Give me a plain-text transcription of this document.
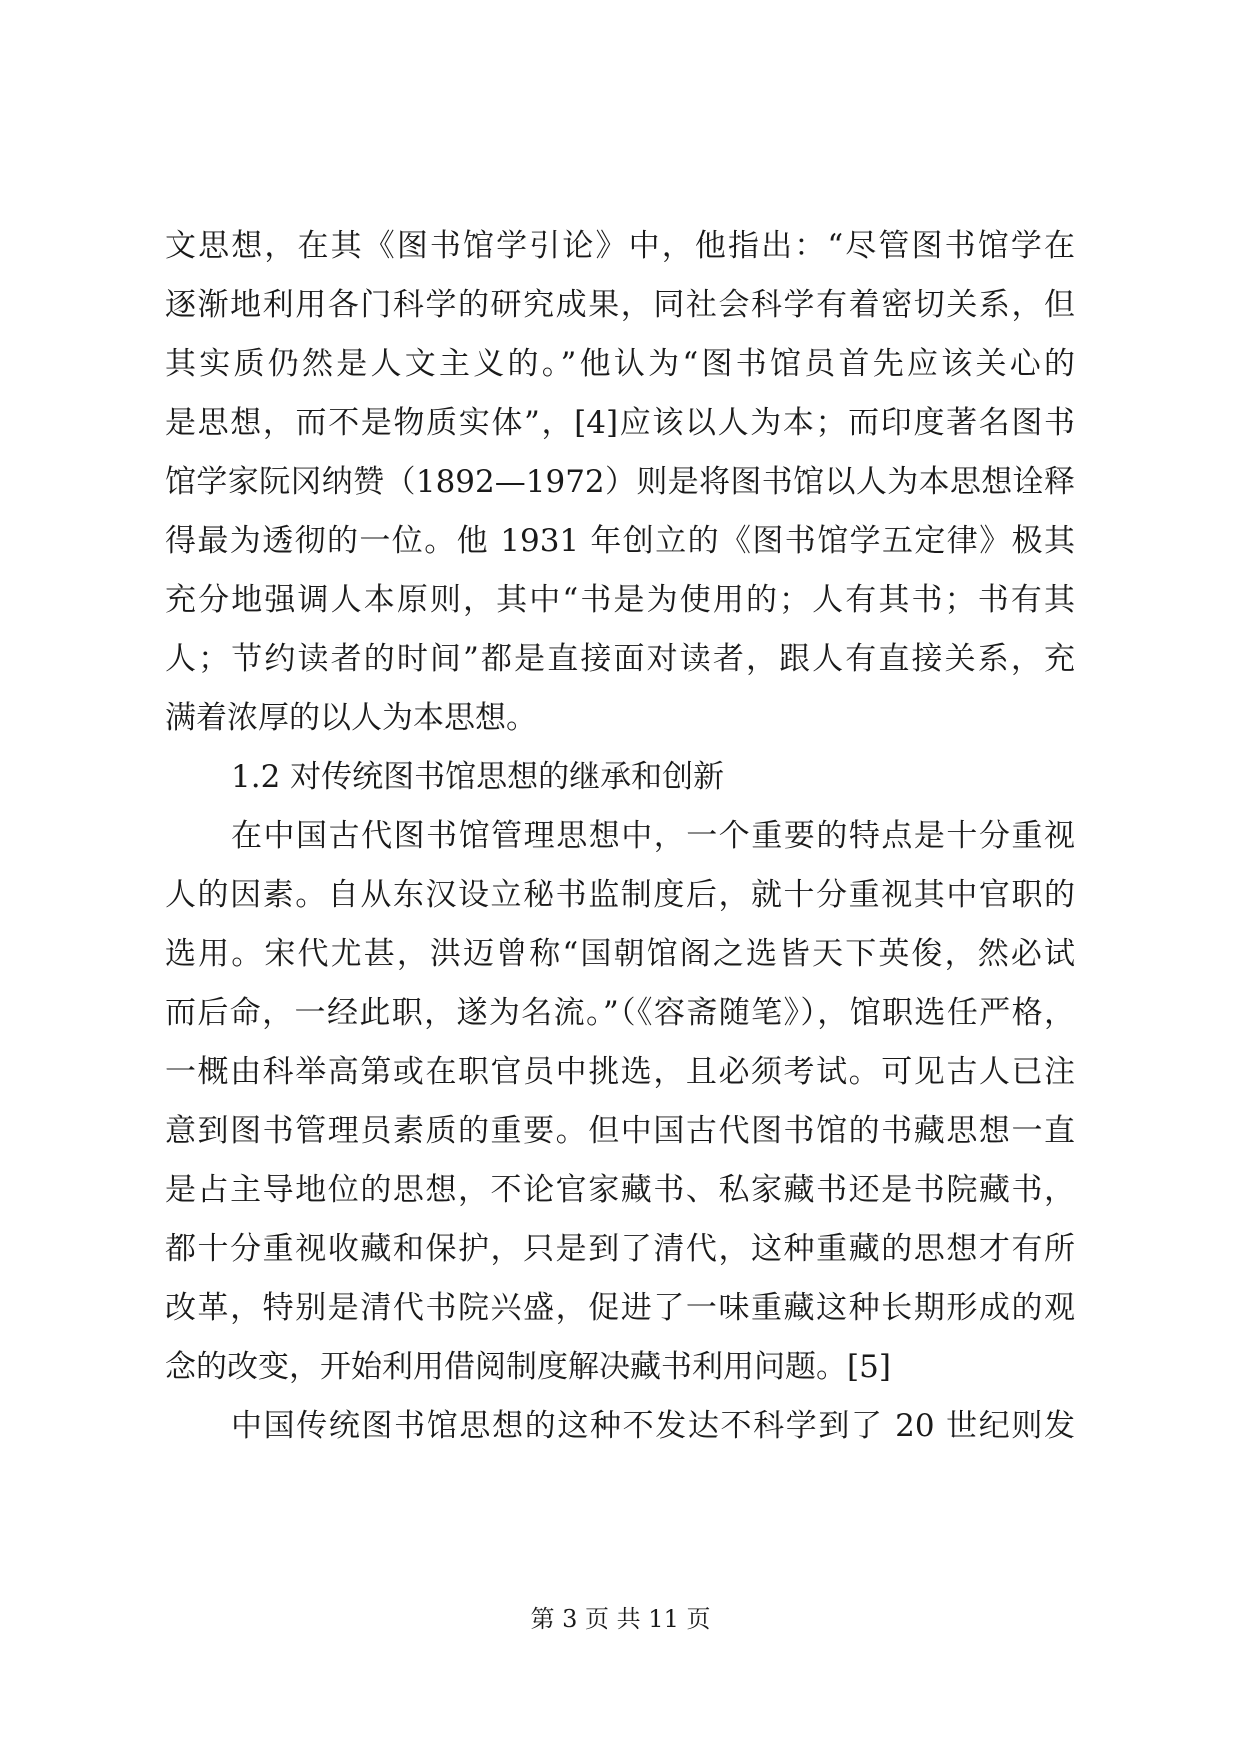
文思想，在其《图书馆学引论》中，他指出：“尽管图书馆学在
逐渐地利用各门科学的研究成果，同社会科学有着密切关系，但
其实质仍然是人文主义的。”他认为“图书馆员首先应该关心的
是思想，而不是物质实体”，[4]应该以人为本；而印度著名图书
馆学家阮冈纳赞（1892—1972）则是将图书馆以人为本思想诠释
得最为透彻的一位。他 1931 年创立的《图书馆学五定律》极其
充分地强调人本原则，其中“书是为使用的；人有其书；书有其
人；节约读者的时间”都是直接面对读者，跟人有直接关系，充
满着浓厚的以人为本思想。
1.2 对传统图书馆思想的继承和创新
在中国古代图书馆管理思想中，一个重要的特点是十分重视
人的因素。自从东汉设立秘书监制度后，就十分重视其中官职的
选用。宋代尤甚，洪迈曾称“国朝馆阁之选皆天下英俊，然必试
而后命，一经此职，遂为名流。”（《容斋随笔》），馆职选任严格，
一概由科举高第或在职官员中挑选，且必须考试。可见古人已注
意到图书管理员素质的重要。但中国古代图书馆的书藏思想一直
是占主导地位的思想，不论官家藏书、私家藏书还是书院藏书，
都十分重视收藏和保护，只是到了清代，这种重藏的思想才有所
改革，特别是清代书院兴盛，促进了一味重藏这种长期形成的观
念的改变，开始利用借阅制度解决藏书利用问题。[5]
中国传统图书馆思想的这种不发达不科学到了 20 世纪则发
第 3 页 共 11 页
